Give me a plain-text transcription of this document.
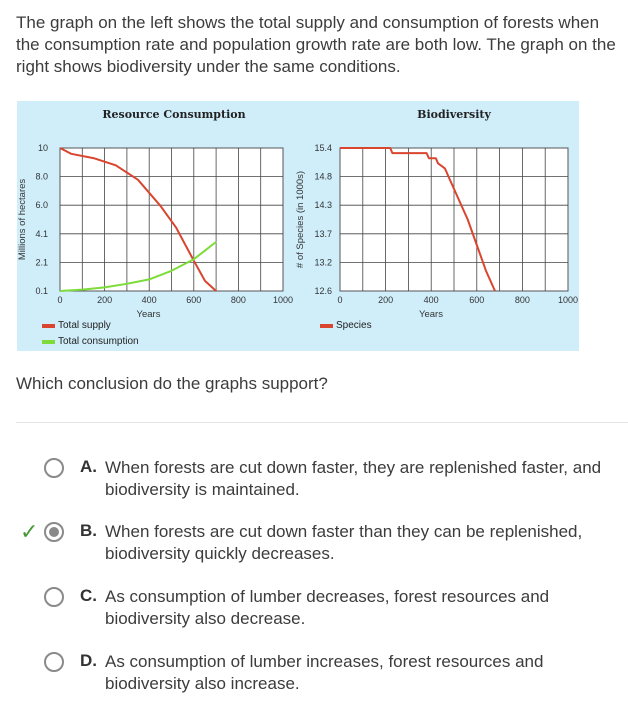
The graph on the left shows the total supply and consumption of forests when the consumption rate and population growth rate are both low. The graph on the right shows biodiversity under the same conditions.

Resource Consumption
10
8.0
6.0
4.1
2.1
0.1
0	200	400	600	800	1000
Years
Millions of hectares
Total supply
Total consumption
Biodiversity
15.4
14.8
14.3
13.7
13.2
12.6
0	200	400	600	800	1000
Years
# of Species (in 1000s)
Species

Which conclusion do the graphs support?

A. When forests are cut down faster, they are replenished faster, and biodiversity is maintained.
✓ B. When forests are cut down faster than they can be replenished, biodiversity quickly decreases.
C. As consumption of lumber decreases, forest resources and biodiversity also decrease.
D. As consumption of lumber increases, forest resources and biodiversity also increase.
